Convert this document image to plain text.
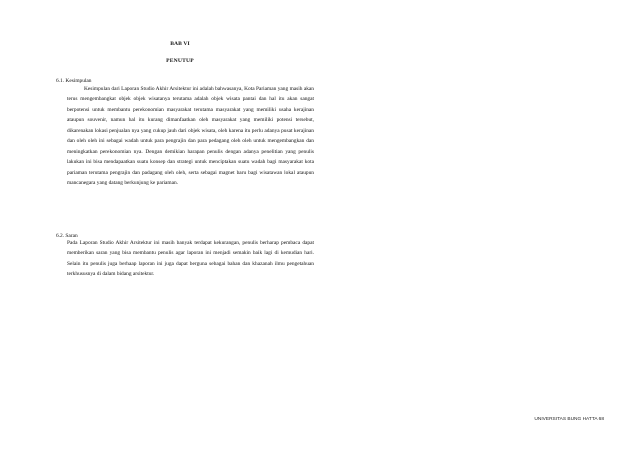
BAB VI
PENUTUP
6.1. Kesimpulan
Kesimpulan dari Laporan Studio Akhir Arsitektur ini adalah bahwasanya, Kota Pariaman yang masih akan terus mengembangkat objek objek wisatanya terutama adalah objek wisata pantai dan hal itu akan sangat berpotensi untuk membantu perekonomian masyarakat terutama masyarakat yang memiliki usaha kerajinan ataupun souvenir, namun hal itu kurang dimanfaatkan oleh masyarakat yang memiliki potensi tersebut, dikarenakan lokasi penjualan nya yang cukup jauh dari objek wisata, oleh karena itu perlu adanya pusat kerajinan dan oleh oleh ini sebagai wadah untuk para pengrajin dan para pedagang oleh oleh untuk mengembangkan dan meningkatkan perekonomian nya. Dengan demikian harapan penulis dengan adanya penelitian yang penulis lakukan ini bisa mendapaatkan suatu konsep dan strategi untuk menciptakan suatu wadah bagi masyarakat kota pariaman terutama pengrajin dan padagang oleh oleh, serta sebagai magnet baru bagi wisatawan lokal ataupun mancanegara yang datang berkunjung ke pariaman.
6.2. Saran
Pada Laporan Studio Akhir Arsitektur ini masih banyak terdapat kekurangan, penulis berharap pembaca dapat memberikan saran yang bisa membantu penulis agar laporan ini menjadi semakin baik lagi di kemudian hari. Selain itu penulis juga berhaap laporan ini juga dapat berguna sebagai bahan dan khazanah ilmu pengetahuan terkhususnya di dalam bidang arsitektur.
UNIVERSITAS BUNG HATTA 68
